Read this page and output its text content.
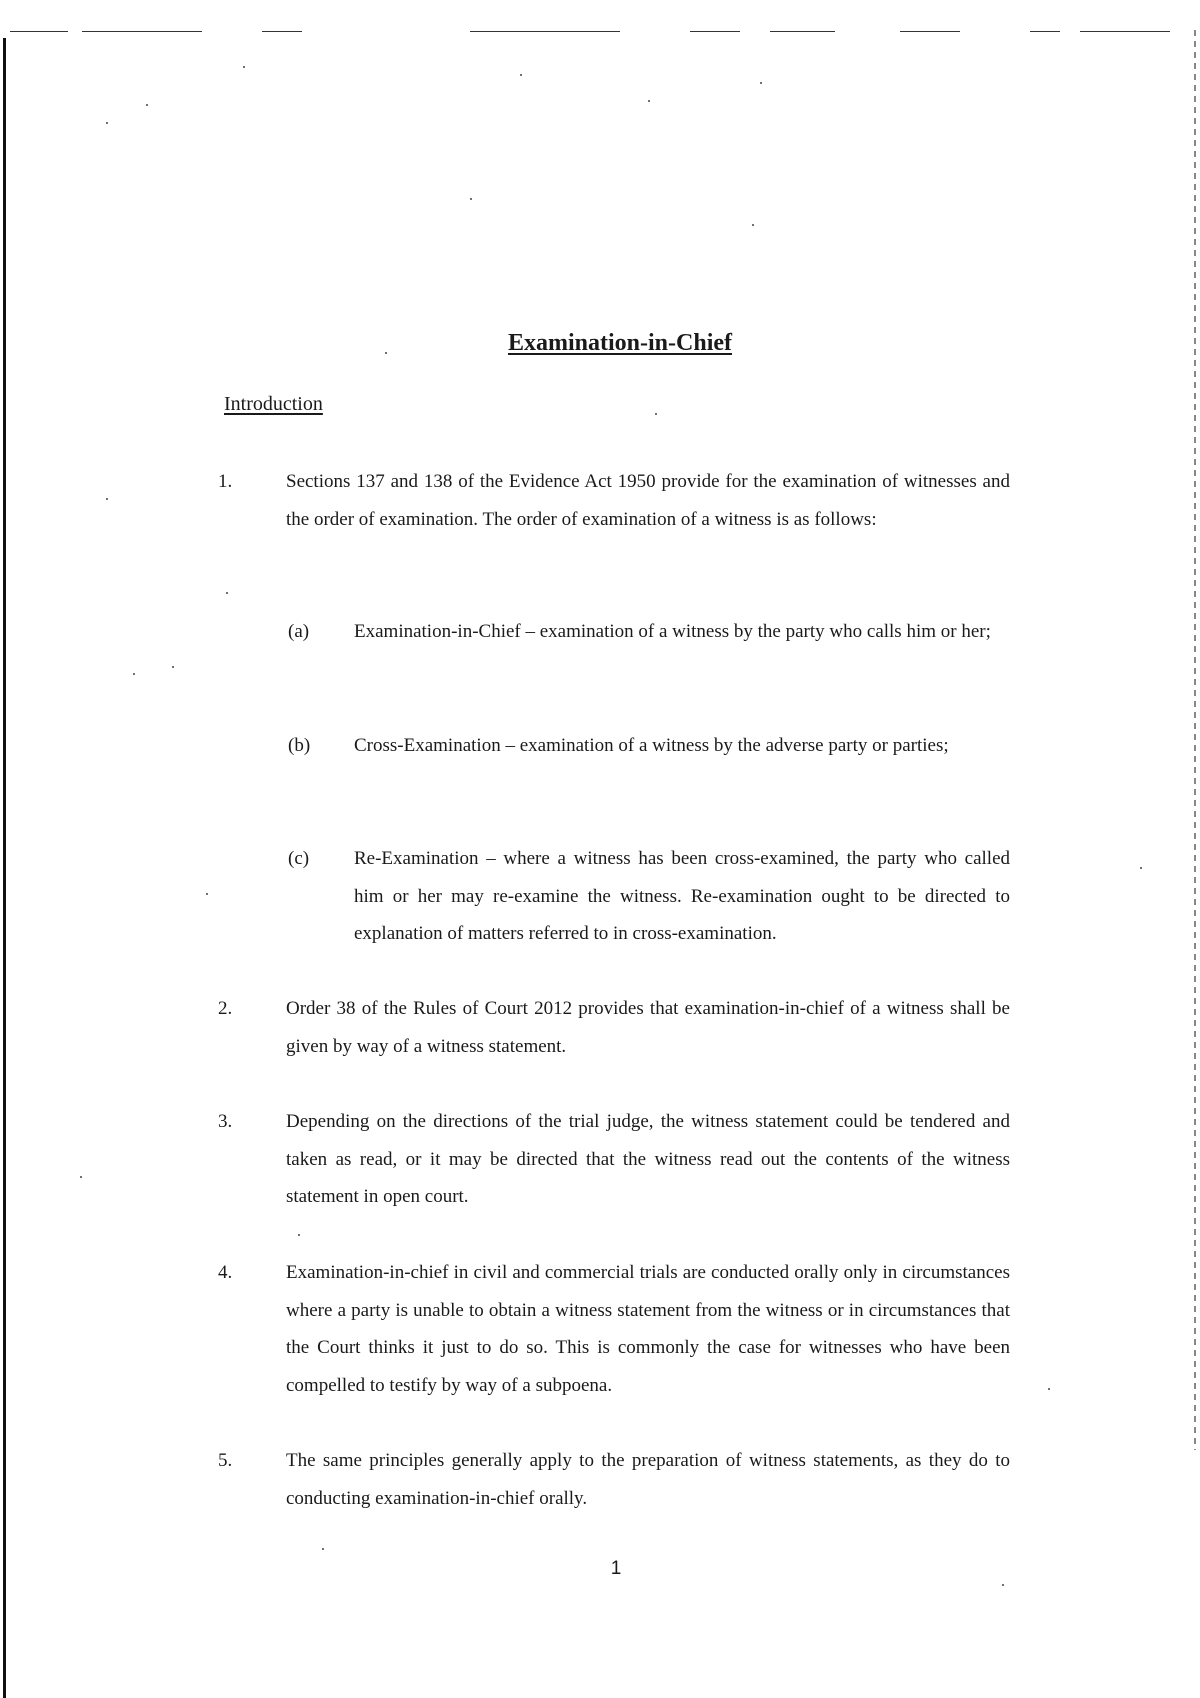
Examination-in-Chief
Introduction
1.	Sections 137 and 138 of the Evidence Act 1950 provide for the examination of witnesses and the order of examination. The order of examination of a witness is as follows:
(a) Examination-in-Chief – examination of a witness by the party who calls him or her;
(b) Cross-Examination – examination of a witness by the adverse party or parties;
(c) Re-Examination – where a witness has been cross-examined, the party who called him or her may re-examine the witness. Re-examination ought to be directed to explanation of matters referred to in cross-examination.
2.	Order 38 of the Rules of Court 2012 provides that examination-in-chief of a witness shall be given by way of a witness statement.
3.	Depending on the directions of the trial judge, the witness statement could be tendered and taken as read, or it may be directed that the witness read out the contents of the witness statement in open court.
4.	Examination-in-chief in civil and commercial trials are conducted orally only in circumstances where a party is unable to obtain a witness statement from the witness or in circumstances that the Court thinks it just to do so. This is commonly the case for witnesses who have been compelled to testify by way of a subpoena.
5.	The same principles generally apply to the preparation of witness statements, as they do to conducting examination-in-chief orally.
1
